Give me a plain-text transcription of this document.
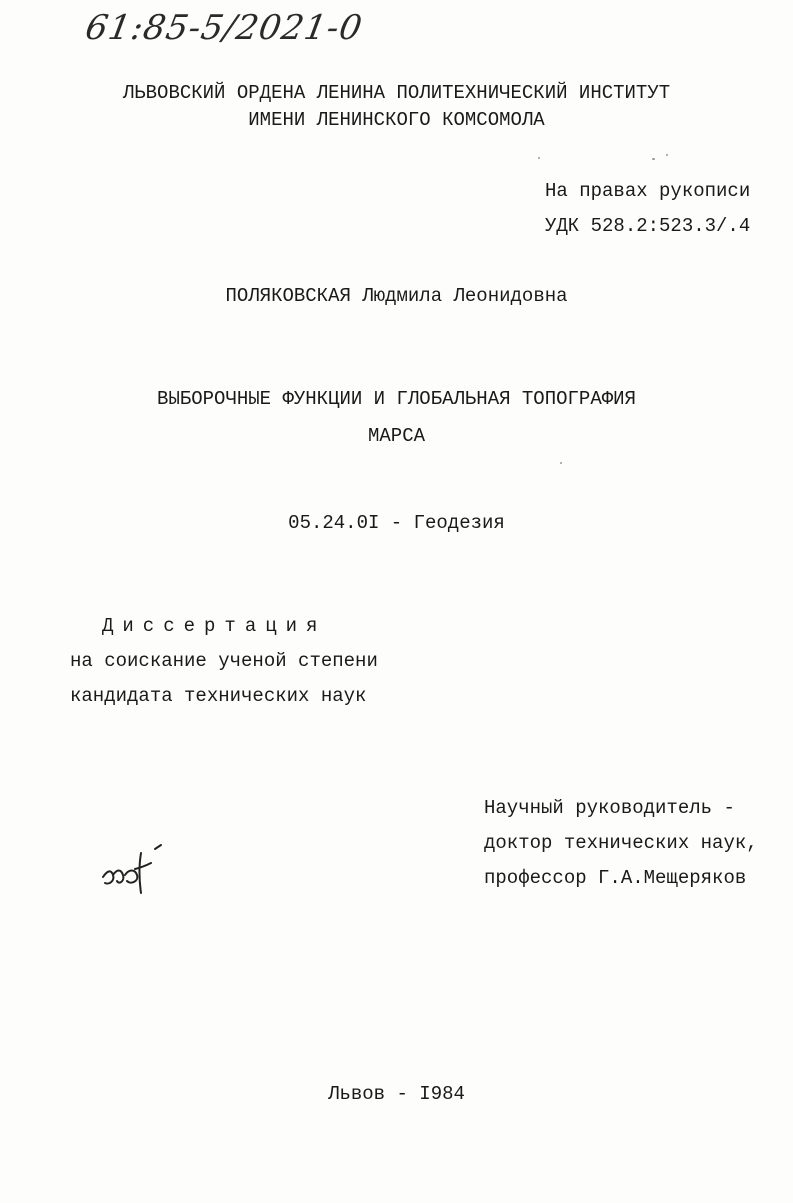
61:85-5/2021-0
ЛЬВОВСКИЙ ОРДЕНА ЛЕНИНА ПОЛИТЕХНИЧЕСКИЙ ИНСТИТУТ
ИМЕНИ ЛЕНИНСКОГО КОМСОМОЛА
На правах рукописи
УДК 528.2:523.3/.4
ПОЛЯКОВСКАЯ Людмила Леонидовна
ВЫБОРОЧНЫЕ ФУНКЦИИ И ГЛОБАЛЬНАЯ ТОПОГРАФИЯ
МАРСА
05.24.0I - Геодезия
Диссертация
на соискание ученой степени
кандидата технических наук
Научный руководитель -
доктор технических наук,
профессор Г.А.Мещеряков
Львов - I984
